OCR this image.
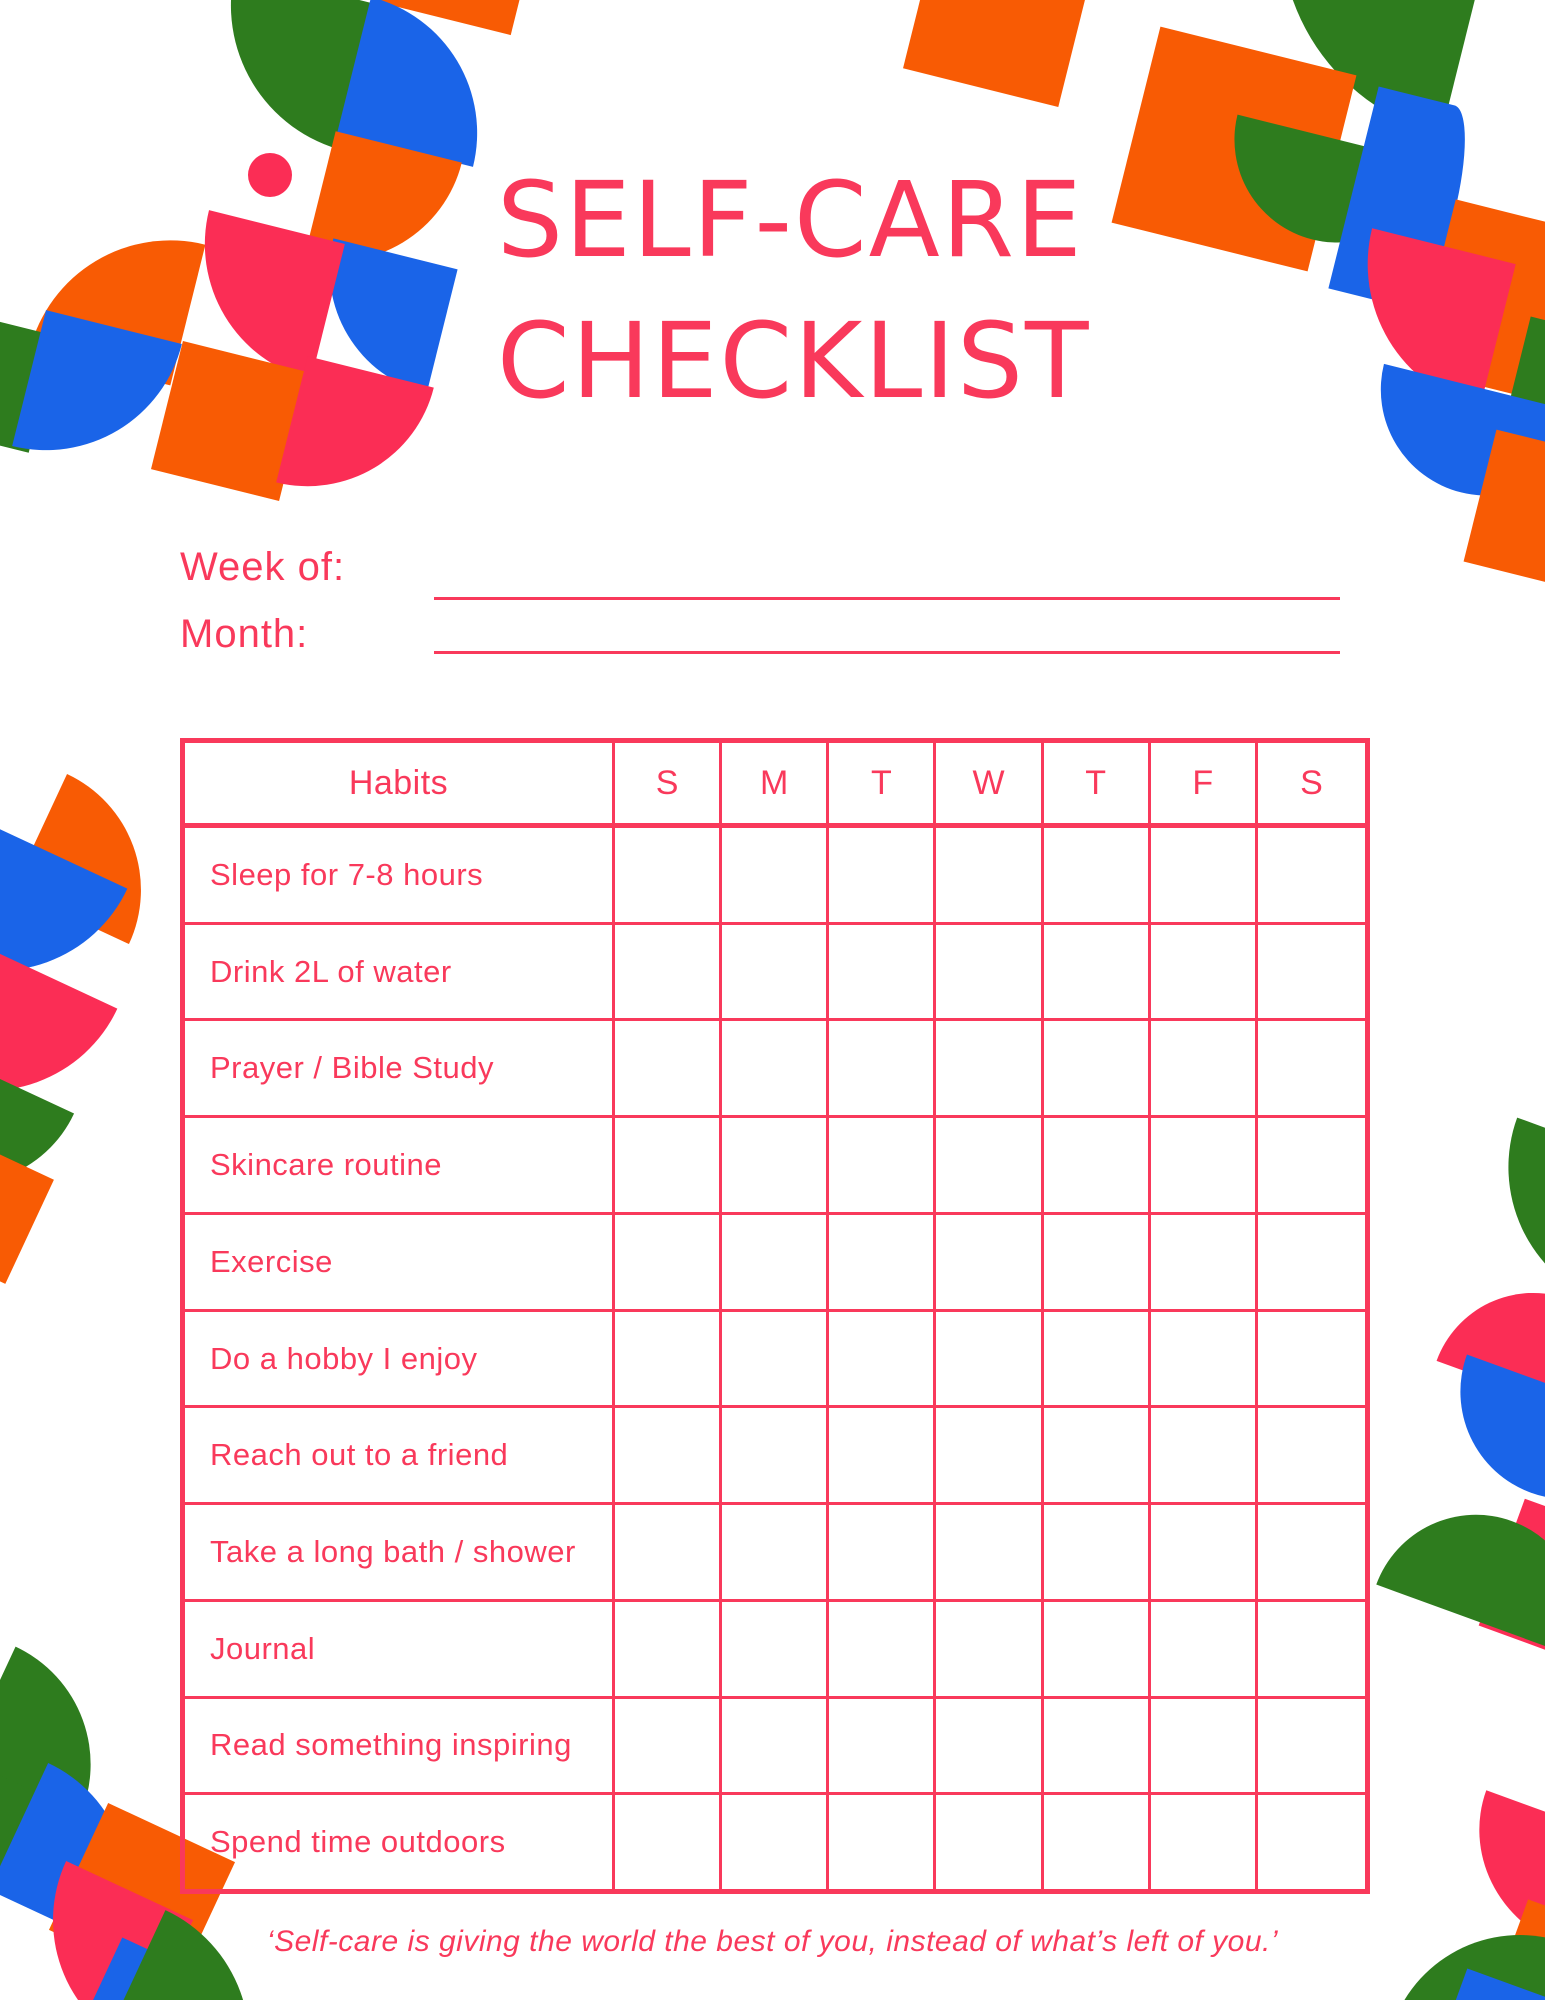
SELF-CARE
CHECKLIST
Week of:
Month:
Habits	S	M	T	W	T	F	S
Sleep for 7-8 hours
Drink 2L of water
Prayer / Bible Study
Skincare routine
Exercise
Do a hobby I enjoy
Reach out to a friend
Take a long bath / shower
Journal
Read something inspiring
Spend time outdoors
‘Self-care is giving the world the best of you, instead of what’s left of you.’
